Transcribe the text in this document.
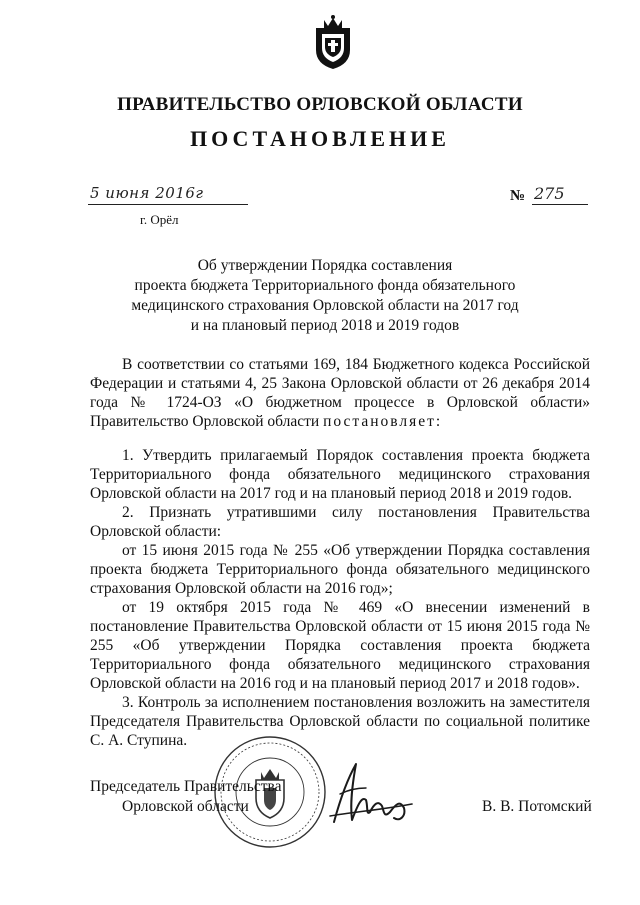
ПРАВИТЕЛЬСТВО ОРЛОВСКОЙ ОБЛАСТИ
ПОСТАНОВЛЕНИЕ
5 июня 2016г
г. Орёл
№ 275
Об утверждении Порядка составления
проекта бюджета Территориального фонда обязательного
медицинского страхования Орловской области на 2017 год
и на плановый период 2018 и 2019 годов

В соответствии со статьями 169, 184 Бюджетного кодекса Российской Федерации и статьями 4, 25 Закона Орловской области от 26 декабря 2014 года № 1724-ОЗ «О бюджетном процессе в Орловской области» Правительство Орловской области постановляет:

1. Утвердить прилагаемый Порядок составления проекта бюджета Территориального фонда обязательного медицинского страхования Орловской области на 2017 год и на плановый период 2018 и 2019 годов.

2. Признать утратившими силу постановления Правительства Орловской области:

от 15 июня 2015 года № 255 «Об утверждении Порядка составления проекта бюджета Территориального фонда обязательного медицинского страхования Орловской области на 2016 год»;

от 19 октября 2015 года № 469 «О внесении изменений в постановление Правительства Орловской области от 15 июня 2015 года № 255 «Об утверждении Порядка составления проекта бюджета Территориального фонда обязательного медицинского страхования Орловской области на 2016 год и на плановый период 2017 и 2018 годов».

3. Контроль за исполнением постановления возложить на заместителя Председателя Правительства Орловской области по социальной политике С. А. Ступина.

Председатель Правительства
Орловской области	В. В. Потомский
